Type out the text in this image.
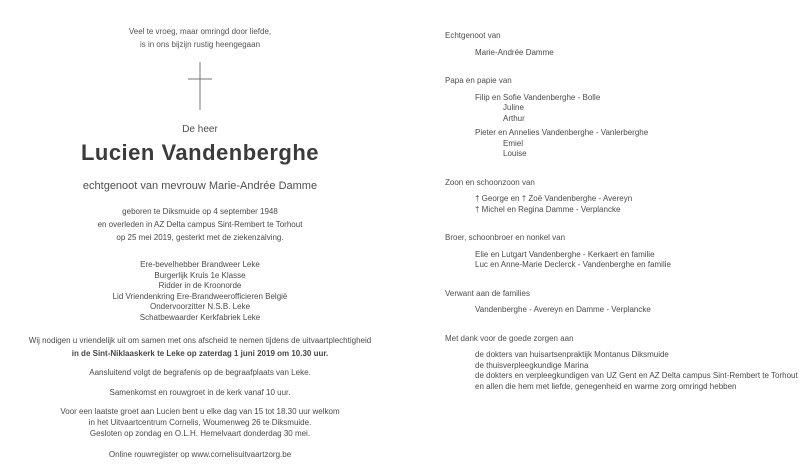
Veel te vroeg, maar omringd door liefde,
is in ons bijzijn rustig heengegaan
De heer
Lucien Vandenberghe
echtgenoot van mevrouw Marie-Andrée Damme
geboren te Diksmuide op 4 september 1948
en overleden in AZ Delta campus Sint-Rembert te Torhout
op 25 mei 2019, gesterkt met de ziekenzalving.
Ere-bevelhebber Brandweer Leke
Burgerlijk Kruis 1e Klasse
Ridder in de Kroonorde
Lid Vriendenkring Ere-Brandweerofficieren België
Ondervoorzitter N.S.B. Leke
Schatbewaarder Kerkfabriek Leke
Wij nodigen u vriendelijk uit om samen met ons afscheid te nemen tijdens de uitvaartplechtigheid
in de Sint-Niklaaskerk te Leke op zaterdag 1 juni 2019 om 10.30 uur.
Aansluitend volgt de begrafenis op de begraafplaats van Leke.
Samenkomst en rouwgroet in de kerk vanaf 10 uur.
Voor een laatste groet aan Lucien bent u elke dag van 15 tot 18.30 uur welkom
in het Uitvaartcentrum Cornelis, Woumenweg 26 te Diksmuide.
Gesloten op zondag en O.L.H. Hemelvaart donderdag 30 mei.
Online rouwregister op www.cornelisuitvaartzorg.be
Echtgenoot van
Marie-Andrée Damme
Papa en papie van
Filip en Sofie Vandenberghe - Bolle
Juline
Arthur
Pieter en Annelies Vandenberghe - Vanlerberghe
Emiel
Louise
Zoon en schoonzoon van
† George en † Zoë Vandenberghe - Avereyn
† Michel en Regina Damme - Verplancke
Broer, schoonbroer en nonkel van
Elie en Lutgart Vandenberghe - Kerkaert en familie
Luc en Anne-Marie Declerck - Vandenberghe en familie
Verwant aan de families
Vandenberghe - Avereyn en Damme - Verplancke
Met dank voor de goede zorgen aan
de dokters van huisartsenpraktijk Montanus Diksmuide
de thuisverpleegkundige Marina
de dokters en verpleegkundigen van UZ Gent en AZ Delta campus Sint-Rembert te Torhout
en allen die hem met liefde, genegenheid en warme zorg omringd hebben
